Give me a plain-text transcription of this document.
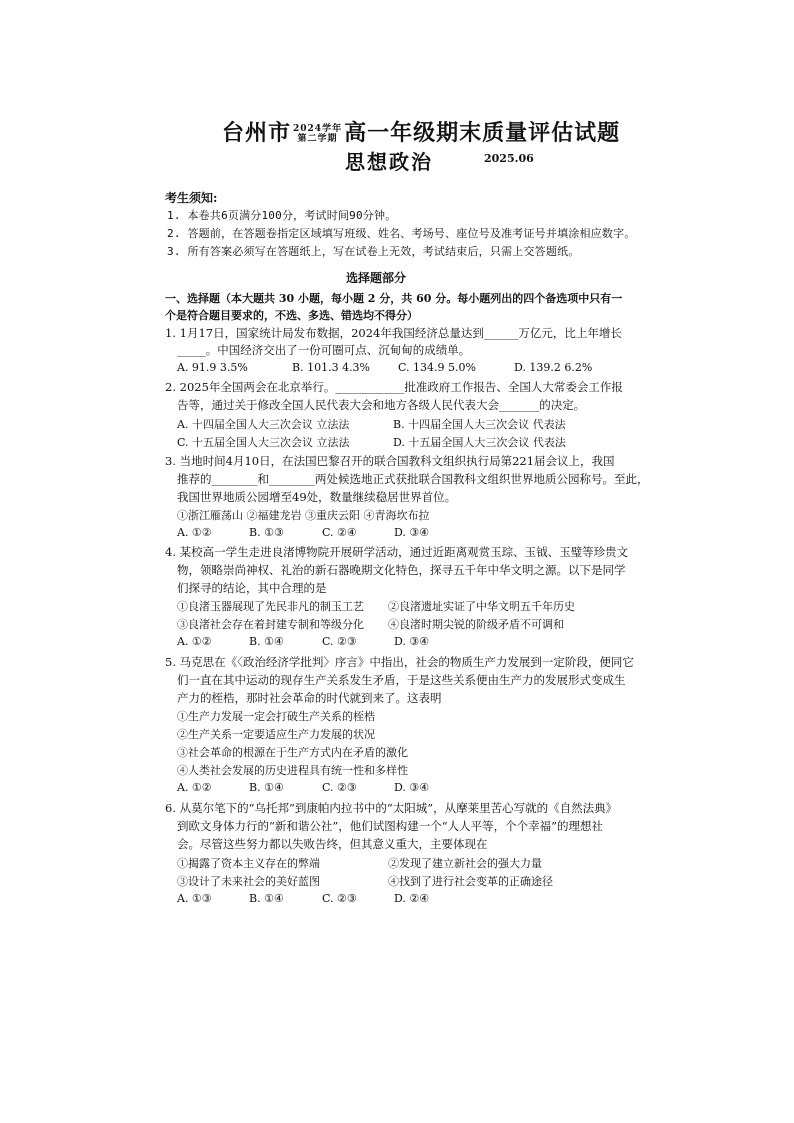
台州市 2024学年
第二学期 高一年级期末质量评估试题
思想政治	2025.06
考生须知:
1. 本卷共6页满分100分，考试时间90分钟。
2. 答题前，在答题卷指定区域填写班级、姓名、考场号、座位号及准考证号并填涂相应数字。
3. 所有答案必须写在答题纸上，写在试卷上无效，考试结束后，只需上交答题纸。
选择题部分
一、选择题（本大题共 30 小题，每小题 2 分，共 60 分。每小题列出的四个备选项中只有一
个是符合题目要求的，不选、多选、错选均不得分）
1. 1月17日，国家统计局发布数据，2024年我国经济总量达到______万亿元，比上年增长
_____。中国经济交出了一份可圈可点、沉甸甸的成绩单。
A. 91.9 3.5%	B. 101.3 4.3%	C. 134.9 5.0%	D. 139.2 6.2%
2. 2025年全国两会在北京举行。____________批准政府工作报告、全国人大常委会工作报
告等，通过关于修改全国人民代表大会和地方各级人民代表大会_______的决定。
A. 十四届全国人大三次会议 立法法	B. 十四届全国人大三次会议 代表法
C. 十五届全国人大三次会议 立法法	D. 十五届全国人大三次会议 代表法
3. 当地时间4月10日，在法国巴黎召开的联合国教科文组织执行局第221届会议上，我国
推荐的________和________两处候选地正式获批联合国教科文组织世界地质公园称号。至此，
我国世界地质公园增至49处，数量继续稳居世界首位。
①浙江雁荡山 ②福建龙岩 ③重庆云阳 ④青海坎布拉
A. ①②	B. ①③	C. ②④	D. ③④
4. 某校高一学生走进良渚博物院开展研学活动，通过近距离观赏玉琮、玉钺、玉璧等珍贵文
物，领略崇尚神权、礼治的新石器晚期文化特色，探寻五千年中华文明之源。以下是同学
们探寻的结论，其中合理的是
①良渚玉器展现了先民非凡的制玉工艺 ②良渚遗址实证了中华文明五千年历史
③良渚社会存在着封建专制和等级分化 ④良渚时期尖锐的阶级矛盾不可调和
A. ①②	B. ①④	C. ②③	D. ③④
5. 马克思在《〈政治经济学批判〉序言》中指出，社会的物质生产力发展到一定阶段，便同它
们一直在其中运动的现存生产关系发生矛盾，于是这些关系便由生产力的发展形式变成生
产力的桎梏，那时社会革命的时代就到来了。这表明
①生产力发展一定会打破生产关系的桎梏
②生产关系一定要适应生产力发展的状况
③社会革命的根源在于生产方式内在矛盾的激化
④人类社会发展的历史进程具有统一性和多样性
A. ①②	B. ①④	C. ②③	D. ③④
6. 从莫尔笔下的“乌托邦”到康帕内拉书中的“太阳城”，从摩莱里苦心写就的《自然法典》
到欧文身体力行的“新和谐公社”，他们试图构建一个“人人平等，个个幸福”的理想社
会。尽管这些努力都以失败告终，但其意义重大，主要体现在
①揭露了资本主义存在的弊端	②发现了建立新社会的强大力量
③设计了未来社会的美好蓝图	④找到了进行社会变革的正确途径
A. ①③	B. ①④	C. ②③	D. ②④
